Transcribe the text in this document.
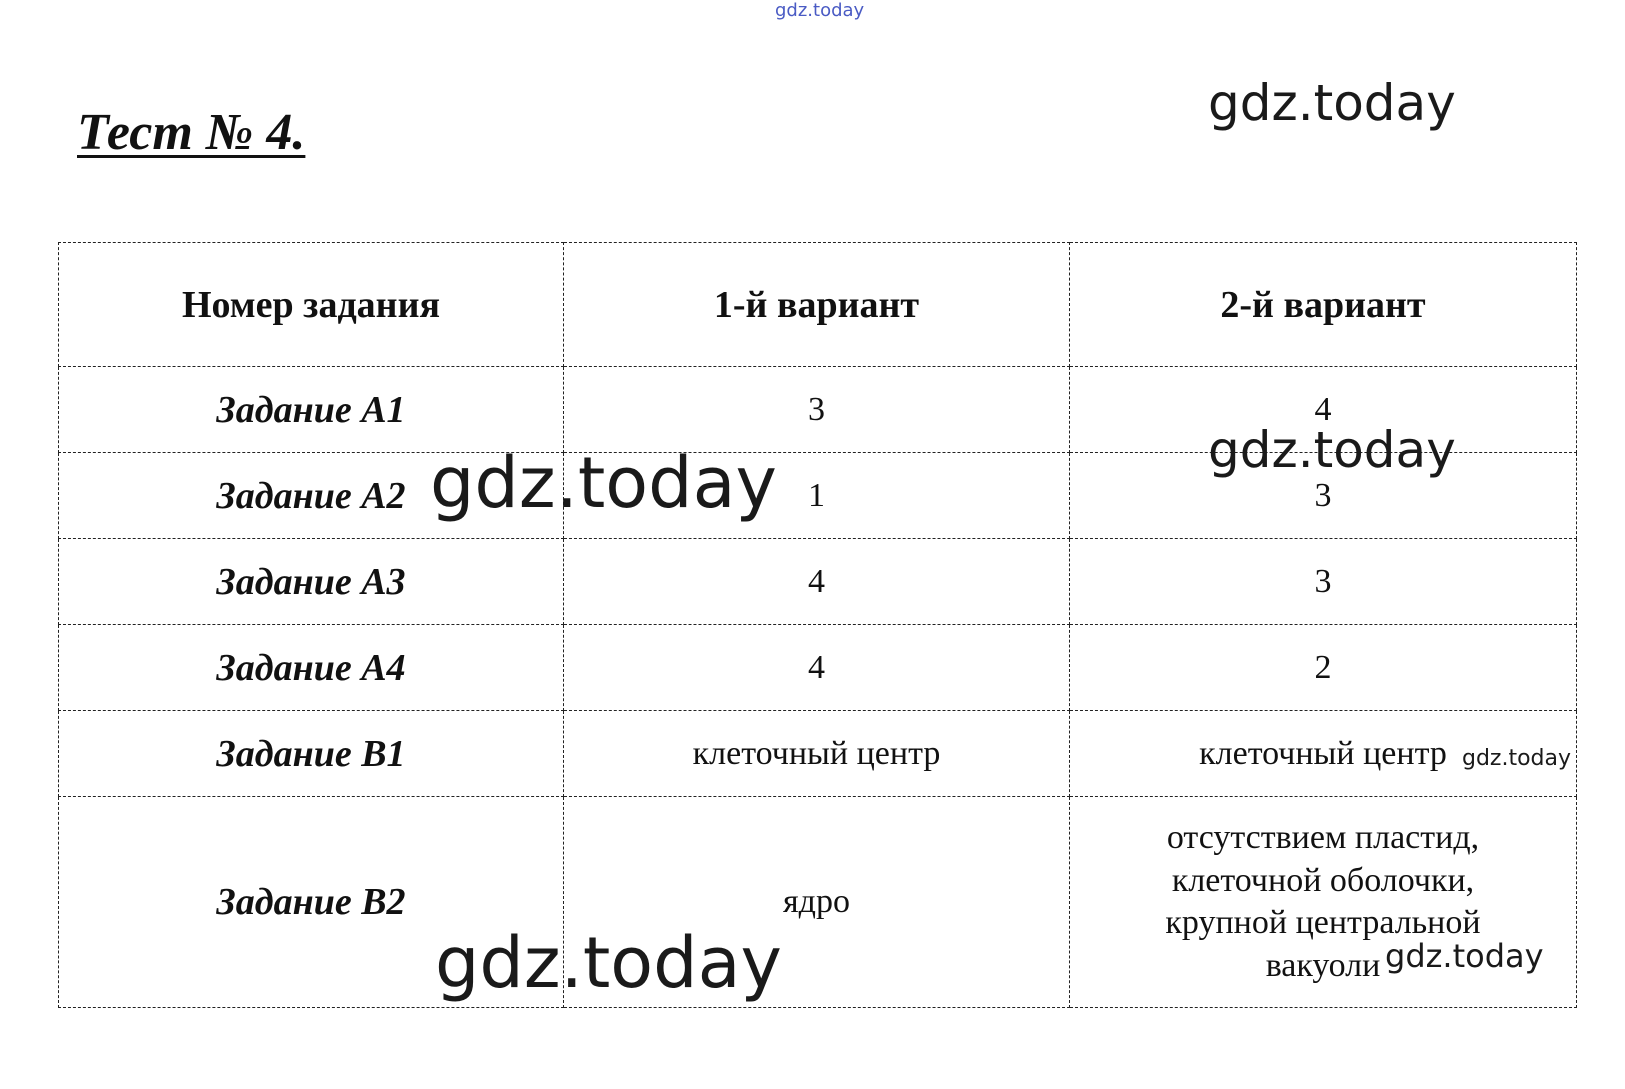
gdz.today
gdz.today
Тест № 4.
Номер задания	1-й вариант	2-й вариант
Задание А1	3	4
Задание А2	1	3
Задание А3	4	3
Задание А4	4	2
Задание В1	клеточный центр	клеточный центр
Задание В2	ядро	отсутствием пластид,
клеточной оболочки,
крупной центральной
вакуоли
gdz.today
gdz.today
gdz.today
gdz.today	gdz.today
